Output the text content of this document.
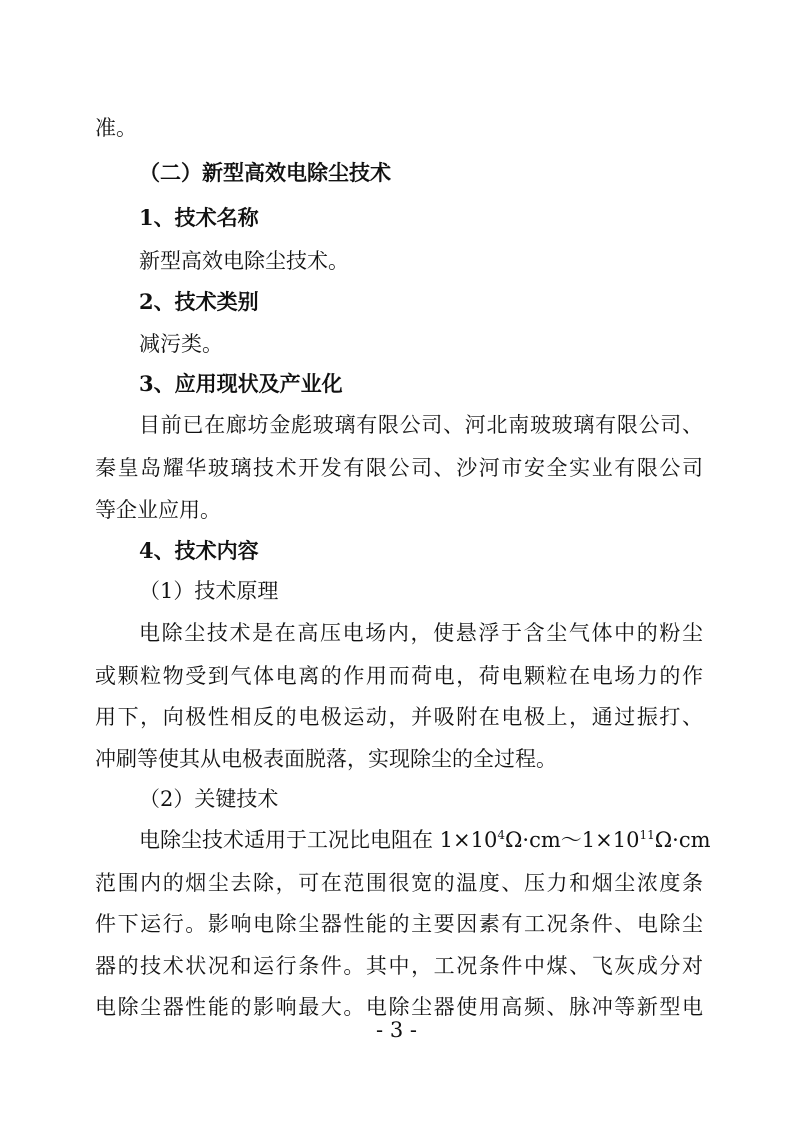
准。
（二）新型高效电除尘技术
1、技术名称
新型高效电除尘技术。
2、技术类别
减污类。
3、应用现状及产业化
目前已在廊坊金彪玻璃有限公司、河北南玻玻璃有限公司、
秦皇岛耀华玻璃技术开发有限公司、沙河市安全实业有限公司
等企业应用。
4、技术内容
（1）技术原理
电除尘技术是在高压电场内，使悬浮于含尘气体中的粉尘
或颗粒物受到气体电离的作用而荷电，荷电颗粒在电场力的作
用下，向极性相反的电极运动，并吸附在电极上，通过振打、
冲刷等使其从电极表面脱落，实现除尘的全过程。
（2）关键技术
电除尘技术适用于工况比电阻在 $1\times 10^4\Omega\cdot cm\sim 1\times 10^{11}\Omega\cdot cm$
范围内的烟尘去除，可在范围很宽的温度、压力和烟尘浓度条
件下运行。影响电除尘器性能的主要因素有工况条件、电除尘
器的技术状况和运行条件。其中，工况条件中煤、飞灰成分对
电除尘器性能的影响最大。电除尘器使用高频、脉冲等新型电
- 3 -
